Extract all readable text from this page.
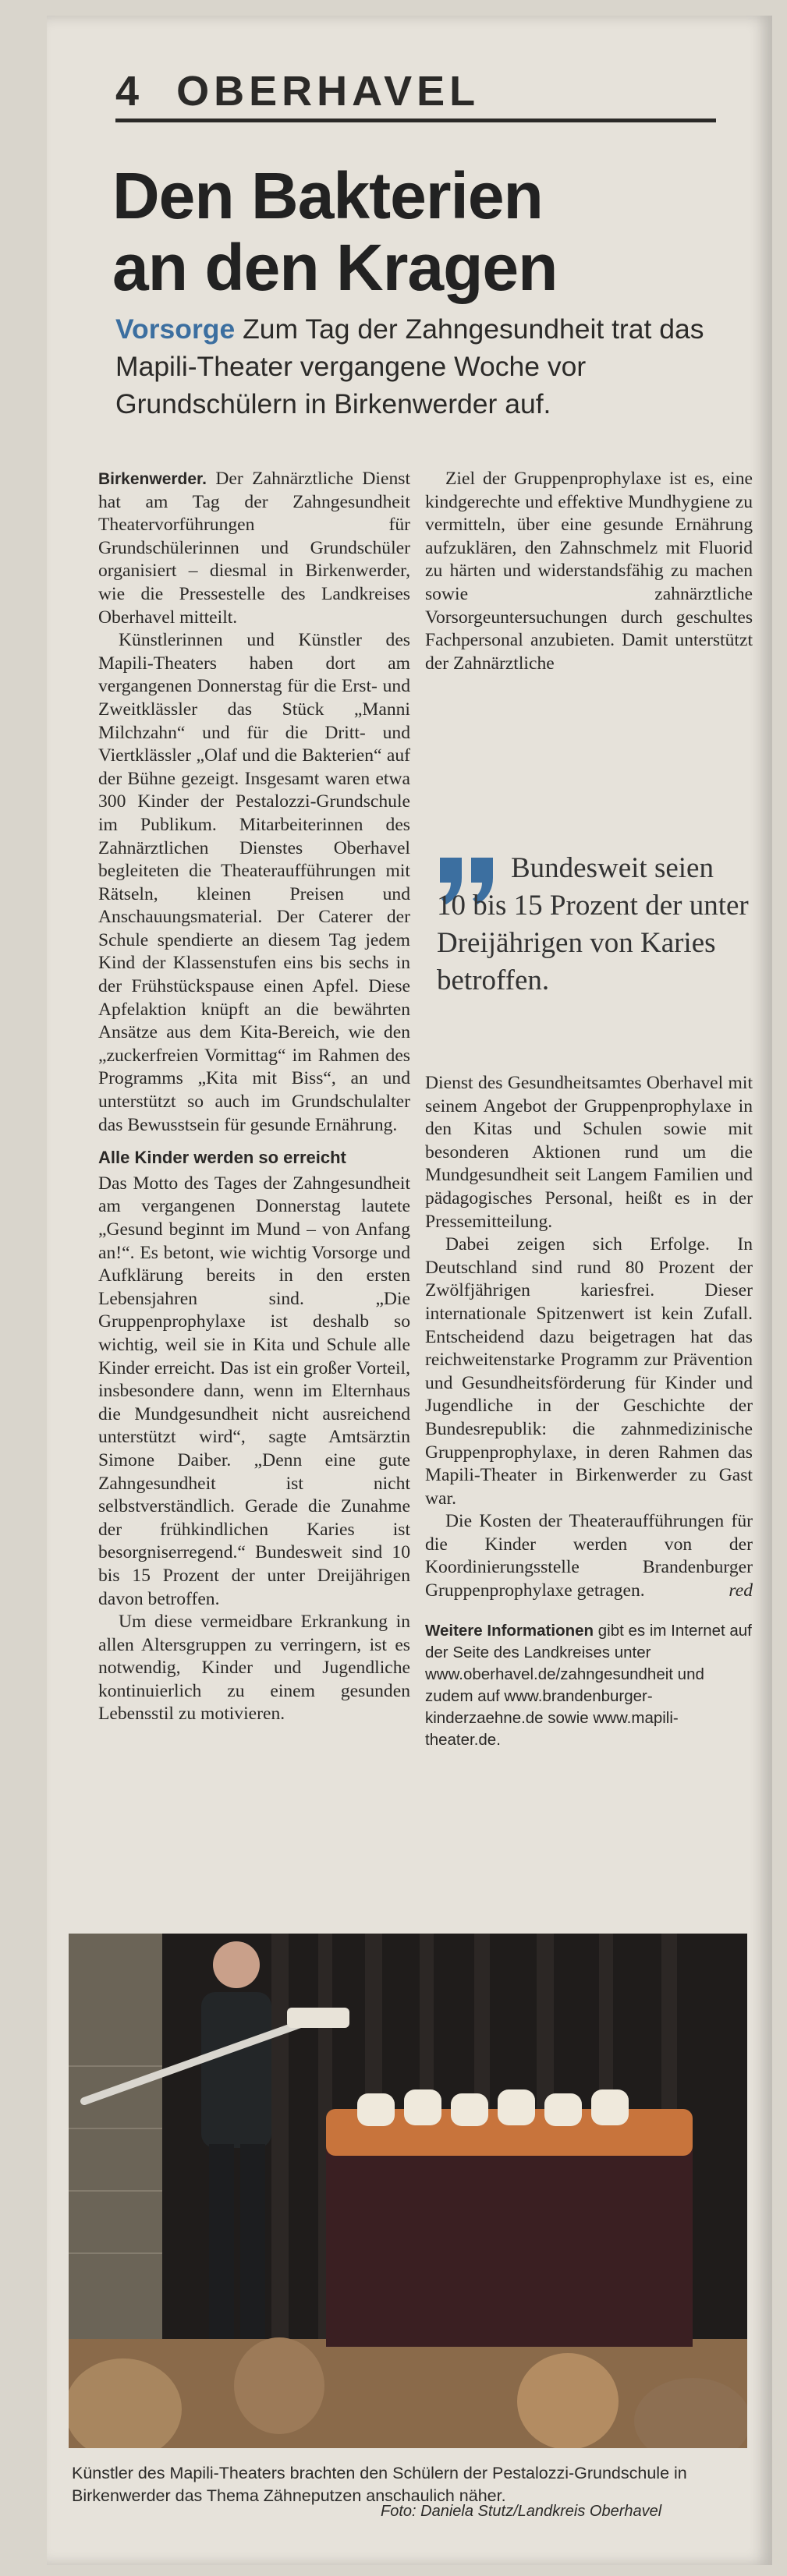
4 OBERHAVEL
Den Bakterien
an den Kragen
Vorsorge Zum Tag der Zahngesundheit trat das Mapili-Theater vergangene Woche vor Grundschülern in Birkenwerder auf.

Birkenwerder. Der Zahnärztliche Dienst hat am Tag der Zahngesundheit Theatervorführungen für Grundschülerinnen und Grundschüler organisiert – diesmal in Birkenwerder, wie die Pressestelle des Landkreises Oberhavel mitteilt.

Künstlerinnen und Künstler des Mapili-Theaters haben dort am vergangenen Donnerstag für die Erst- und Zweitklässler das Stück „Manni Milchzahn“ und für die Dritt- und Viertklässler „Olaf und die Bakterien“ auf der Bühne gezeigt. Insgesamt waren etwa 300 Kinder der Pestalozzi-Grundschule im Publikum. Mitarbeiterinnen des Zahnärztlichen Dienstes Oberhavel begleiteten die Theateraufführungen mit Rätseln, kleinen Preisen und Anschauungsmaterial. Der Caterer der Schule spendierte an diesem Tag jedem Kind der Klassenstufen eins bis sechs in der Frühstückspause einen Apfel. Diese Apfelaktion knüpft an die bewährten Ansätze aus dem Kita-Bereich, wie den „zuckerfreien Vormittag“ im Rahmen des Programms „Kita mit Biss“, an und unterstützt so auch im Grundschulalter das Bewusstsein für gesunde Ernährung.

Alle Kinder werden so erreicht

Das Motto des Tages der Zahngesundheit am vergangenen Donnerstag lautete „Gesund beginnt im Mund – von Anfang an!“. Es betont, wie wichtig Vorsorge und Aufklärung bereits in den ersten Lebensjahren sind. „Die Gruppenprophylaxe ist deshalb so wichtig, weil sie in Kita und Schule alle Kinder erreicht. Das ist ein großer Vorteil, insbesondere dann, wenn im Elternhaus die Mundgesundheit nicht ausreichend unterstützt wird“, sagte Amtsärztin Simone Daiber. „Denn eine gute Zahngesundheit ist nicht selbstverständlich. Gerade die Zunahme der frühkindlichen Karies ist besorgniserregend.“ Bundesweit sind 10 bis 15 Prozent der unter Dreijährigen davon betroffen.

Um diese vermeidbare Erkrankung in allen Altersgruppen zu verringern, ist es notwendig, Kinder und Jugendliche kontinuierlich zu einem gesunden Lebensstil zu motivieren.

Ziel der Gruppenprophylaxe ist es, eine kindgerechte und effektive Mundhygiene zu vermitteln, über eine gesunde Ernährung aufzuklären, den Zahnschmelz mit Fluorid zu härten und widerstandsfähig zu machen sowie zahnärztliche Vorsorgeuntersuchungen durch geschultes Fachpersonal anzubieten. Damit unterstützt der Zahnärztliche

Bundesweit seien 10 bis 15 Prozent der unter Dreijährigen von Karies betroffen.

Dienst des Gesundheitsamtes Oberhavel mit seinem Angebot der Gruppenprophylaxe in den Kitas und Schulen sowie mit besonderen Aktionen rund um die Mundgesundheit seit Langem Familien und pädagogisches Personal, heißt es in der Pressemitteilung.

Dabei zeigen sich Erfolge. In Deutschland sind rund 80 Prozent der Zwölfjährigen kariesfrei. Dieser internationale Spitzenwert ist kein Zufall. Entscheidend dazu beigetragen hat das reichweitenstarke Programm zur Prävention und Gesundheitsförderung für Kinder und Jugendliche in der Geschichte der Bundesrepublik: die zahnmedizinische Gruppenprophylaxe, in deren Rahmen das Mapili-Theater in Birkenwerder zu Gast war.

Die Kosten der Theateraufführungen für die Kinder werden von der Koordinierungsstelle Brandenburger Gruppenprophylaxe getragen.	red

Weitere Informationen gibt es im Internet auf der Seite des Landkreises unter www.oberhavel.de/zahngesundheit und zudem auf www.brandenburger-kinderzaehne.de sowie www.mapili-theater.de.

Künstler des Mapili-Theaters brachten den Schülern der Pestalozzi-Grundschule in Birkenwerder das Thema Zähneputzen anschaulich näher.
Foto: Daniela Stutz/Landkreis Oberhavel
